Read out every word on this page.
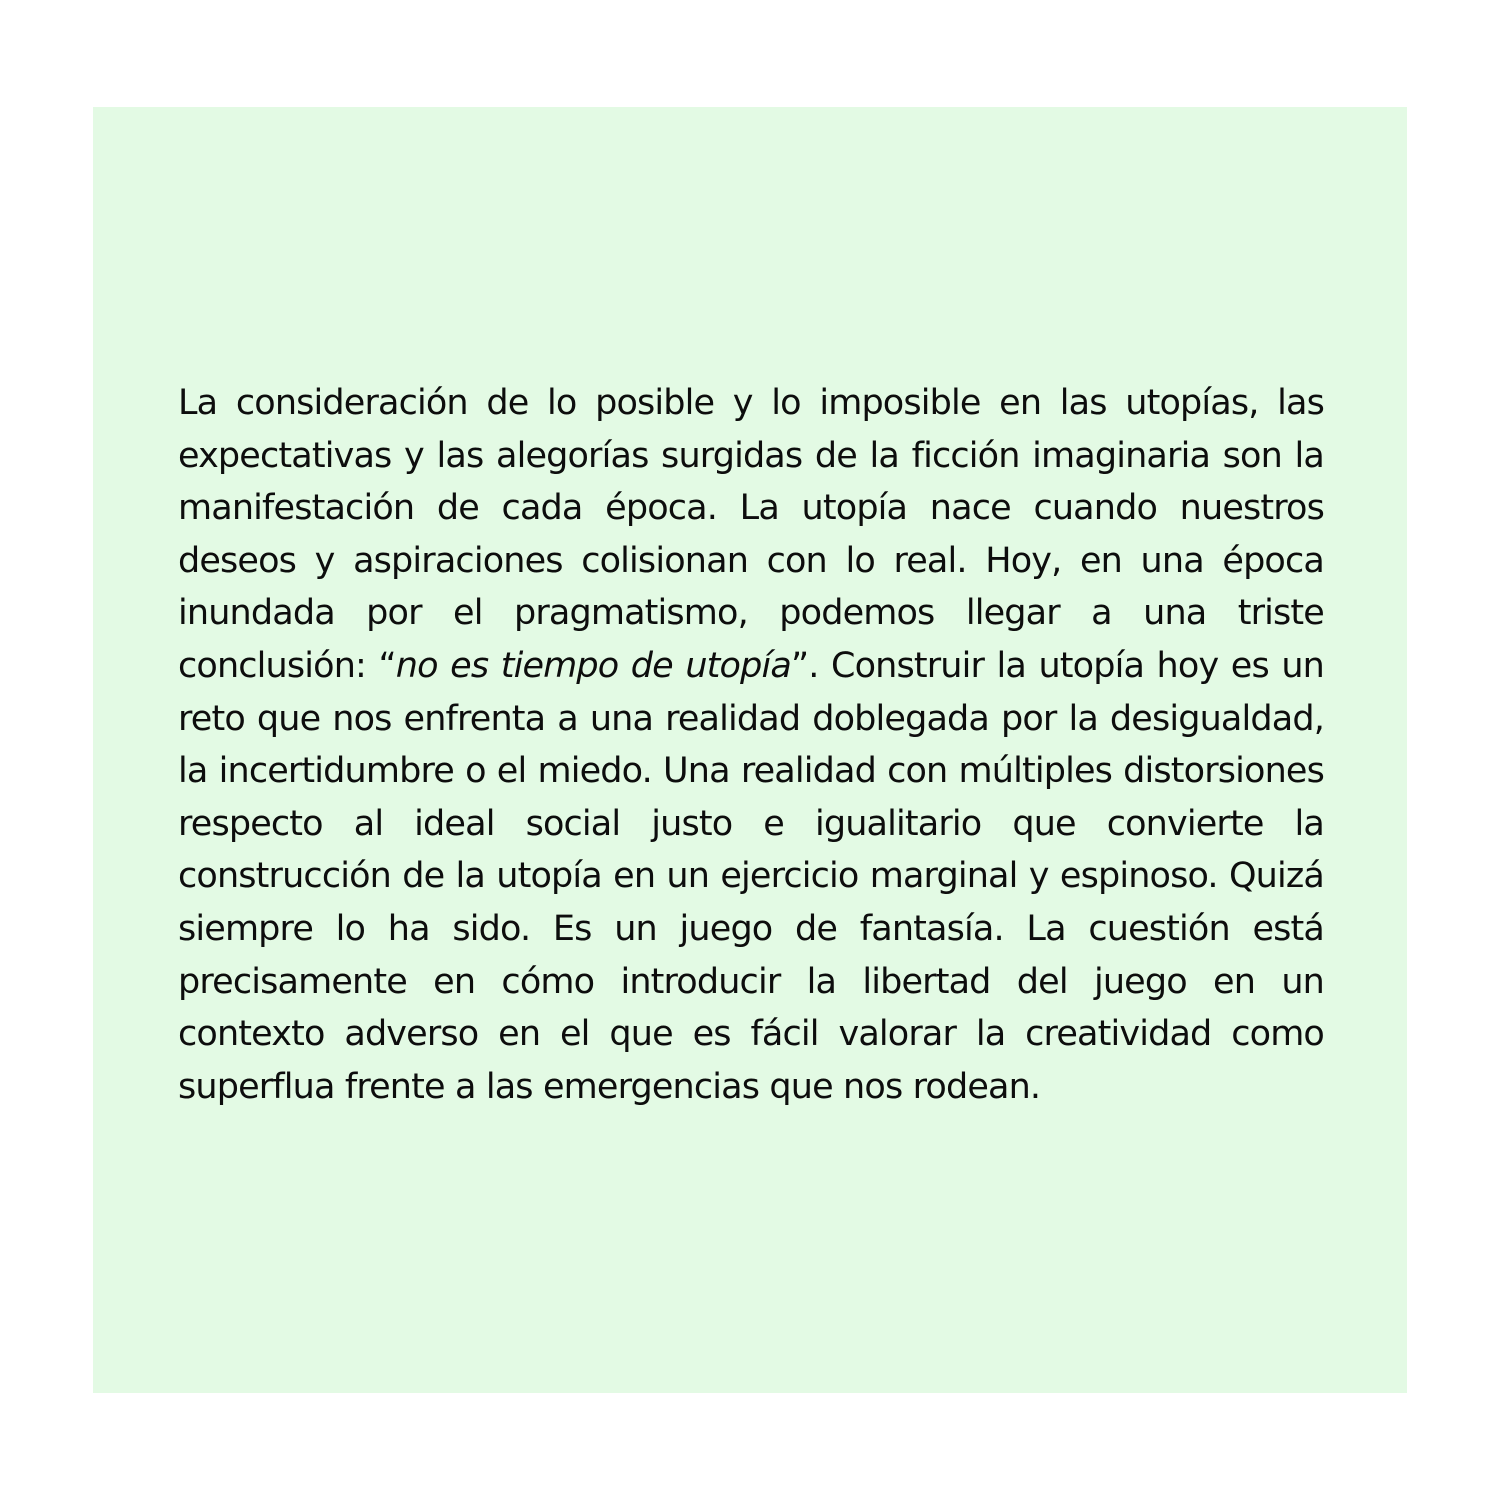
La consideración de lo posible y lo imposible en las utopías, las expectativas y las alegorías surgidas de la ficción imaginaria son la manifestación de cada época. La utopía nace cuando nuestros deseos y aspiraciones colisionan con lo real. Hoy, en una época inundada por el pragmatismo, podemos llegar a una triste conclusión: “no es tiempo de utopía”. Construir la utopía hoy es un reto que nos enfrenta a una realidad doblegada por la desigualdad, la incertidumbre o el miedo. Una realidad con múltiples distorsiones respecto al ideal social justo e igualitario que convierte la construcción de la utopía en un ejercicio marginal y espinoso. Quizá siempre lo ha sido. Es un juego de fantasía. La cuestión está precisamente en cómo introducir la libertad del juego en un contexto adverso en el que es fácil valorar la creatividad como superflua frente a las emergencias que nos rodean.
